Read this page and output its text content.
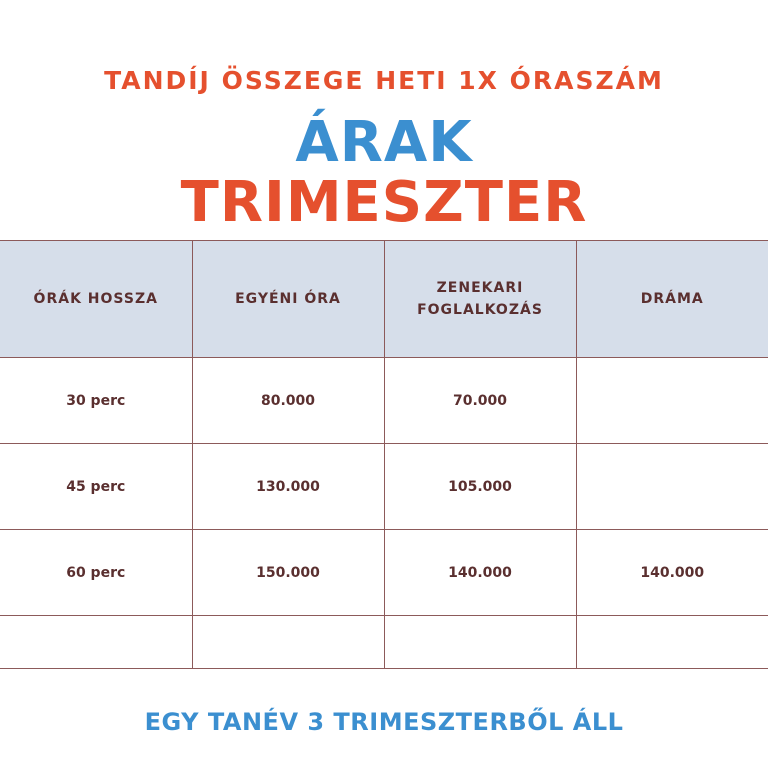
TANDÍJ ÖSSZEGE HETI 1X ÓRASZÁM
ÁRAK
TRIMESZTER
ÓRÁK HOSSZA	EGYÉNI ÓRA	ZENEKARI FOGLALKOZÁS	DRÁMA
30 perc	80.000	70.000	
45 perc	130.000	105.000	
60 perc	150.000	140.000	140.000

EGY TANÉV 3 TRIMESZTERBŐL ÁLL
